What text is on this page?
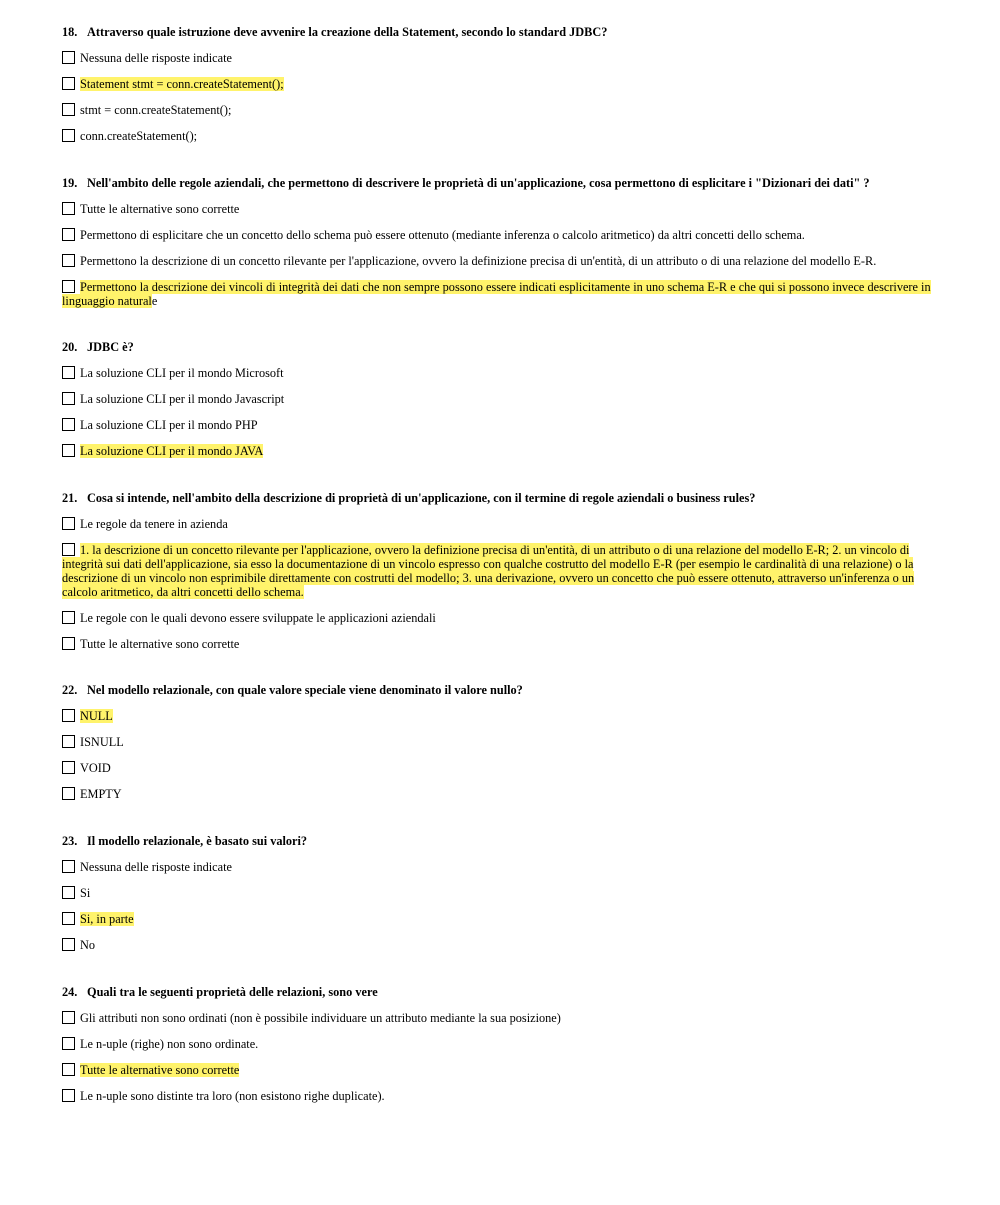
18. Attraverso quale istruzione deve avvenire la creazione della Statement, secondo lo standard JDBC?

Nessuna delle risposte indicate
Statement stmt = conn.createStatement();
stmt = conn.createStatement();
conn.createStatement();

19. Nell'ambito delle regole aziendali, che permettono di descrivere le proprietà di un'applicazione, cosa permettono di esplicitare i "Dizionari dei dati" ?

Tutte le alternative sono corrette
Permettono di esplicitare che un concetto dello schema può essere ottenuto (mediante inferenza o calcolo aritmetico) da altri concetti dello schema.
Permettono la descrizione di un concetto rilevante per l'applicazione, ovvero la definizione precisa di un'entità, di un attributo o di una relazione del modello E-R.
Permettono la descrizione dei vincoli di integrità dei dati che non sempre possono essere indicati esplicitamente in uno schema E-R e che qui si possono invece descrivere in linguaggio naturale

20. JDBC è?

La soluzione CLI per il mondo Microsoft
La soluzione CLI per il mondo Javascript
La soluzione CLI per il mondo PHP
La soluzione CLI per il mondo JAVA

21. Cosa si intende, nell'ambito della descrizione di proprietà di un'applicazione, con il termine di regole aziendali o business rules?

Le regole da tenere in azienda
1. la descrizione di un concetto rilevante per l'applicazione, ovvero la definizione precisa di un'entità, di un attributo o di una relazione del modello E-R; 2. un vincolo di integrità sui dati dell'applicazione, sia esso la documentazione di un vincolo espresso con qualche costrutto del modello E-R (per esempio le cardinalità di una relazione) o la descrizione di un vincolo non esprimibile direttamente con costrutti del modello; 3. una derivazione, ovvero un concetto che può essere ottenuto, attraverso un'inferenza o un calcolo aritmetico, da altri concetti dello schema.
Le regole con le quali devono essere sviluppate le applicazioni aziendali
Tutte le alternative sono corrette

22. Nel modello relazionale, con quale valore speciale viene denominato il valore nullo?

NULL
ISNULL
VOID
EMPTY

23. Il modello relazionale, è basato sui valori?

Nessuna delle risposte indicate
Si
Si, in parte
No

24. Quali tra le seguenti proprietà delle relazioni, sono vere

Gli attributi non sono ordinati (non è possibile individuare un attributo mediante la sua posizione)
Le n-uple (righe) non sono ordinate.
Tutte le alternative sono corrette
Le n-uple sono distinte tra loro (non esistono righe duplicate).
